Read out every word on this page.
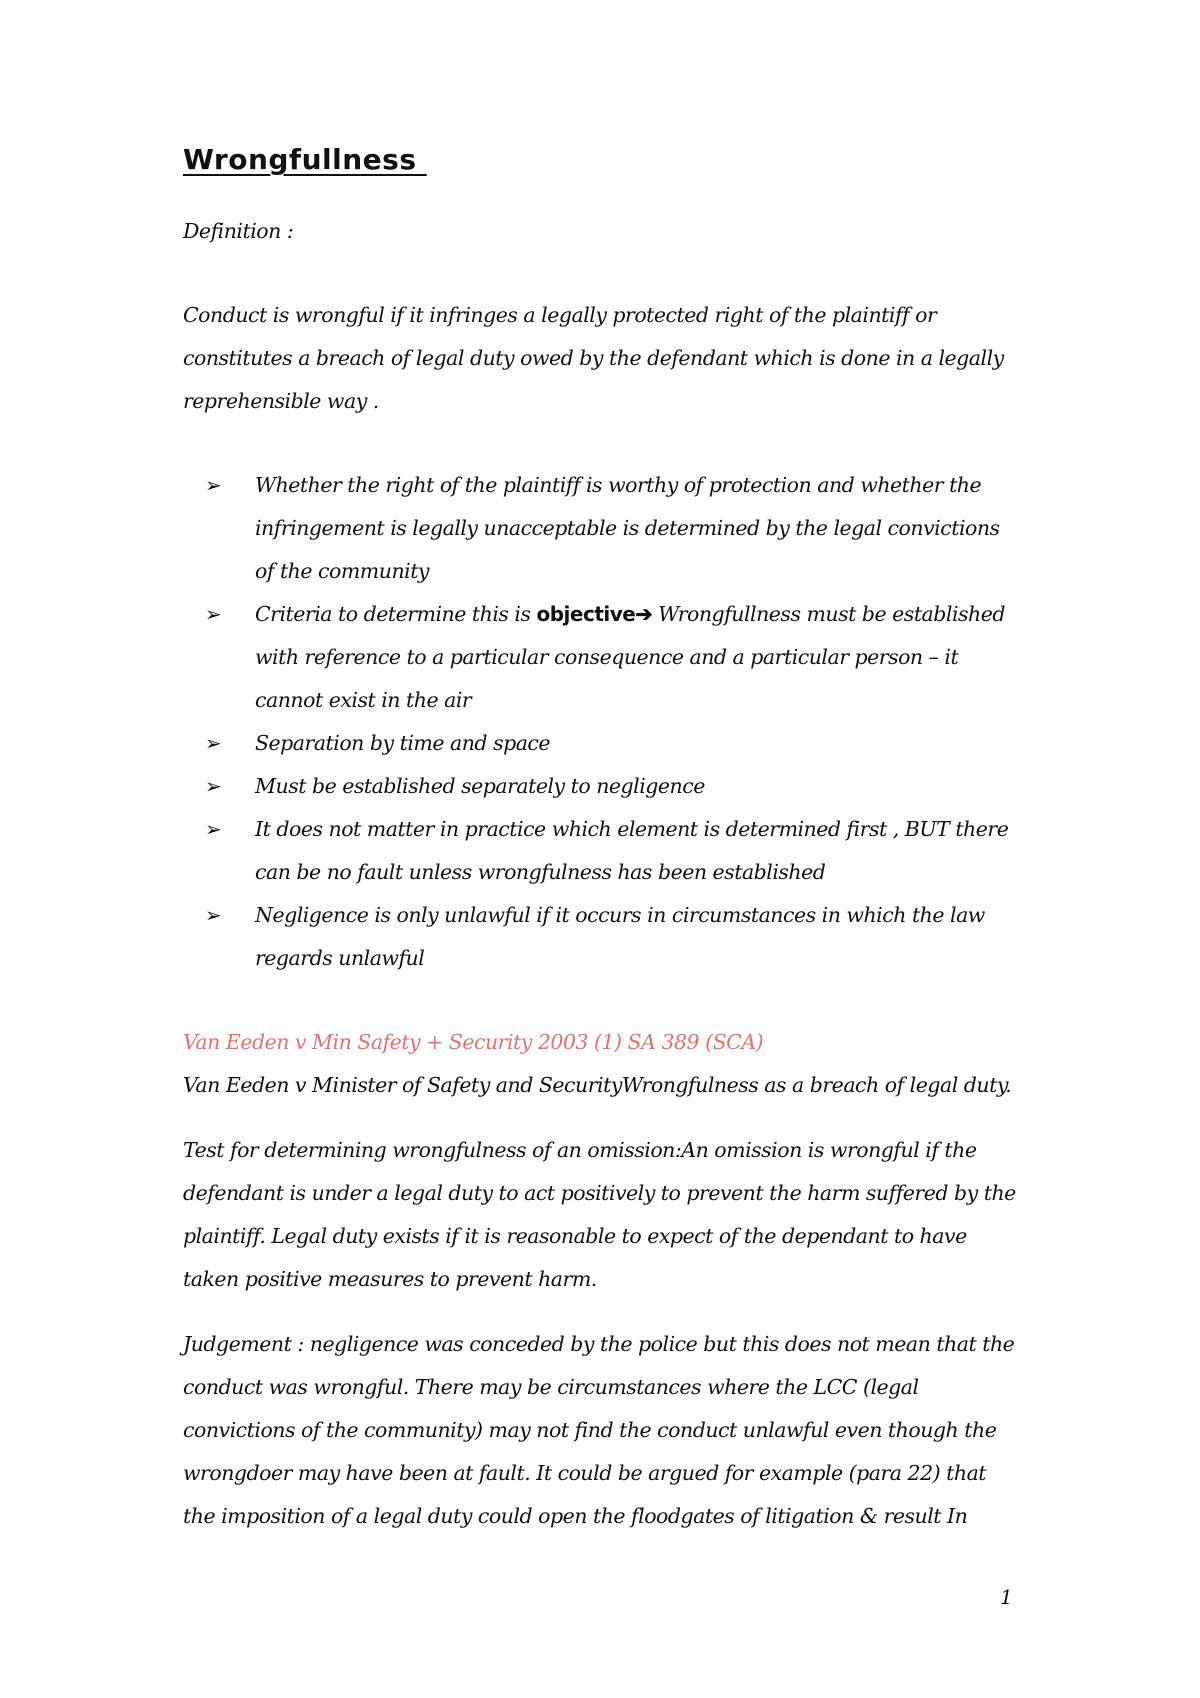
Wrongfullness

Definition :

Conduct is wrongful if it infringes a legally protected right of the plaintiff or constitutes a breach of legal duty owed by the defendant which is done in a legally reprehensible way .

➢ Whether the right of the plaintiff is worthy of protection and whether the infringement is legally unacceptable is determined by the legal convictions of the community
➢ Criteria to determine this is objective➔ Wrongfullness must be established with reference to a particular consequence and a particular person – it cannot exist in the air
➢ Separation by time and space
➢ Must be established separately to negligence
➢ It does not matter in practice which element is determined first , BUT there can be no fault unless wrongfulness has been established
➢ Negligence is only unlawful if it occurs in circumstances in which the law regards unlawful

Van Eeden v Min Safety + Security 2003 (1) SA 389 (SCA)

Van Eeden v Minister of Safety and SecurityWrongfulness as a breach of legal duty.

Test for determining wrongfulness of an omission:An omission is wrongful if the defendant is under a legal duty to act positively to prevent the harm suffered by the plaintiff. Legal duty exists if it is reasonable to expect of the dependant to have taken positive measures to prevent harm.

Judgement : negligence was conceded by the police but this does not mean that the conduct was wrongful. There may be circumstances where the LCC (legal convictions of the community) may not find the conduct unlawful even though the wrongdoer may have been at fault. It could be argued for example (para 22) that the imposition of a legal duty could open the floodgates of litigation & result In

1
